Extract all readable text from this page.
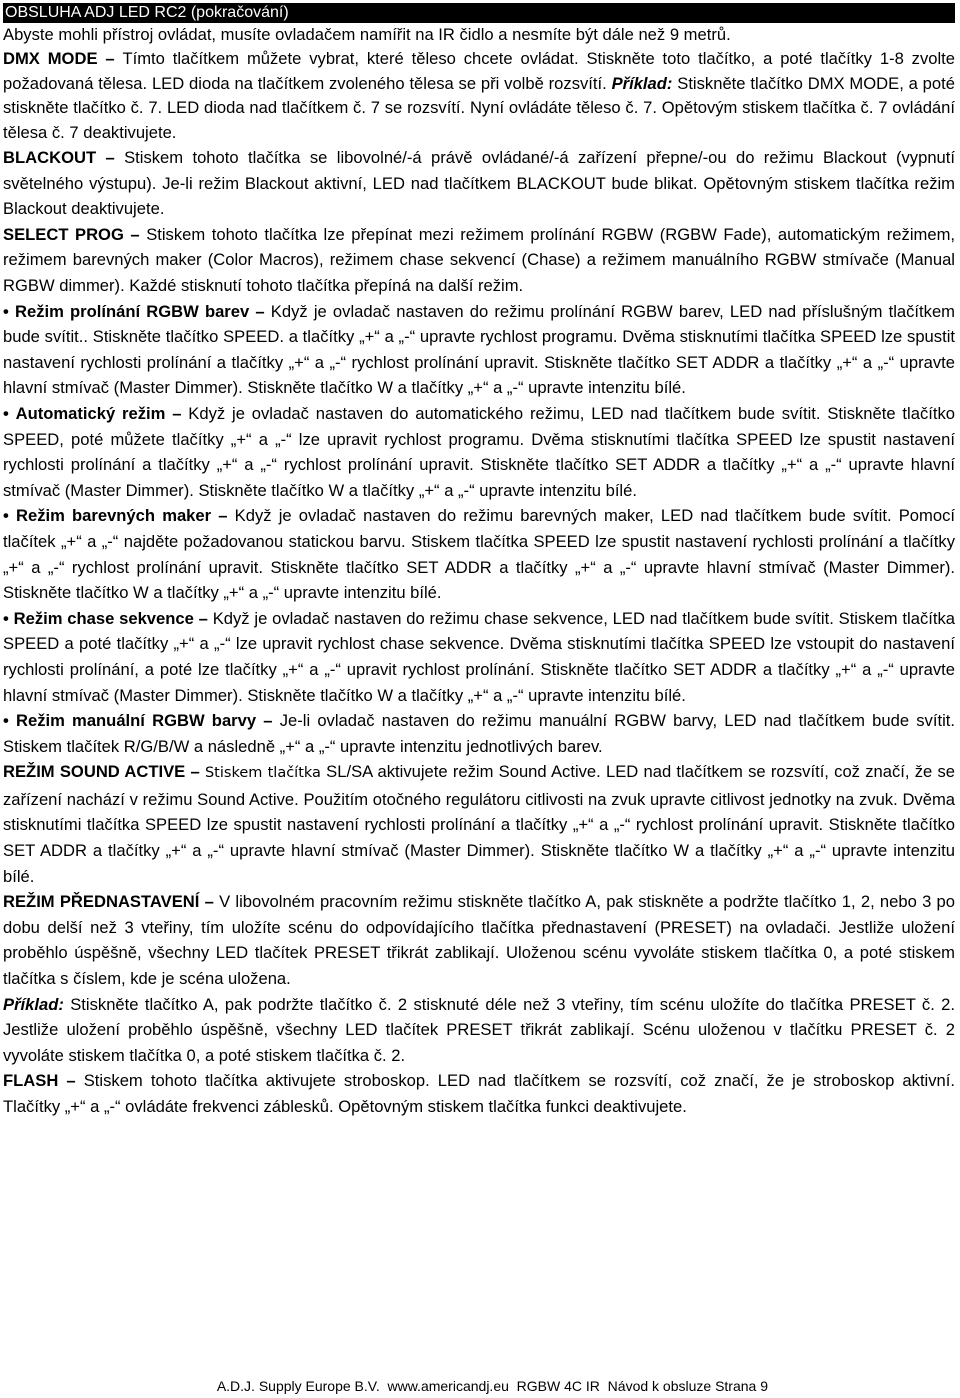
OBSLUHA ADJ LED RC2 (pokračování)

Abyste mohli přístroj ovládat, musíte ovladačem namířit na IR čidlo a nesmíte být dále než 9 metrů.

DMX MODE – Tímto tlačítkem můžete vybrat, které těleso chcete ovládat. Stiskněte toto tlačítko, a poté tlačítky 1-8 zvolte požadovaná tělesa. LED dioda na tlačítkem zvoleného tělesa se při volbě rozsvítí. Příklad: Stiskněte tlačítko DMX MODE, a poté stiskněte tlačítko č. 7. LED dioda nad tlačítkem č. 7 se rozsvítí. Nyní ovládáte těleso č. 7. Opětovým stiskem tlačítka č. 7 ovládání tělesa č. 7 deaktivujete.

BLACKOUT – Stiskem tohoto tlačítka se libovolné/-á právě ovládané/-á zařízení přepne/-ou do režimu Blackout (vypnutí světelného výstupu). Je-li režim Blackout aktivní, LED nad tlačítkem BLACKOUT bude blikat. Opětovným stiskem tlačítka režim Blackout deaktivujete.

SELECT PROG – Stiskem tohoto tlačítka lze přepínat mezi režimem prolínání RGBW (RGBW Fade), automatickým režimem, režimem barevných maker (Color Macros), režimem chase sekvencí (Chase) a režimem manuálního RGBW stmívače (Manual RGBW dimmer). Každé stisknutí tohoto tlačítka přepíná na další režim.

• Režim prolínání RGBW barev – Když je ovladač nastaven do režimu prolínání RGBW barev, LED nad příslušným tlačítkem bude svítit.. Stiskněte tlačítko SPEED. a tlačítky „+“ a „-“ upravte rychlost programu. Dvěma stisknutími tlačítka SPEED lze spustit nastavení rychlosti prolínání a tlačítky „+“ a „-“ rychlost prolínání upravit. Stiskněte tlačítko SET ADDR a tlačítky „+“ a „-“ upravte hlavní stmívač (Master Dimmer). Stiskněte tlačítko W a tlačítky „+“ a „-“ upravte intenzitu bílé.

• Automatický režim – Když je ovladač nastaven do automatického režimu, LED nad tlačítkem bude svítit. Stiskněte tlačítko SPEED, poté můžete tlačítky „+“ a „-“ lze upravit rychlost programu. Dvěma stisknutími tlačítka SPEED lze spustit nastavení rychlosti prolínání a tlačítky „+“ a „-“ rychlost prolínání upravit. Stiskněte tlačítko SET ADDR a tlačítky „+“ a „-“ upravte hlavní stmívač (Master Dimmer). Stiskněte tlačítko W a tlačítky „+“ a „-“ upravte intenzitu bílé.

• Režim barevných maker – Když je ovladač nastaven do režimu barevných maker, LED nad tlačítkem bude svítit. Pomocí tlačítek „+“ a „-“ najděte požadovanou statickou barvu. Stiskem tlačítka SPEED lze spustit nastavení rychlosti prolínání a tlačítky „+“ a „-“ rychlost prolínání upravit. Stiskněte tlačítko SET ADDR a tlačítky „+“ a „-“ upravte hlavní stmívač (Master Dimmer). Stiskněte tlačítko W a tlačítky „+“ a „-“ upravte intenzitu bílé.

• Režim chase sekvence – Když je ovladač nastaven do režimu chase sekvence, LED nad tlačítkem bude svítit. Stiskem tlačítka SPEED a poté tlačítky „+“ a „-“ lze upravit rychlost chase sekvence. Dvěma stisknutími tlačítka SPEED lze vstoupit do nastavení rychlosti prolínání, a poté lze tlačítky „+“ a „-“ upravit rychlost prolínání. Stiskněte tlačítko SET ADDR a tlačítky „+“ a „-“ upravte hlavní stmívač (Master Dimmer). Stiskněte tlačítko W a tlačítky „+“ a „-“ upravte intenzitu bílé.

• Režim manuální RGBW barvy – Je-li ovladač nastaven do režimu manuální RGBW barvy, LED nad tlačítkem bude svítit. Stiskem tlačítek R/G/B/W a následně „+“ a „-“ upravte intenzitu jednotlivých barev.

REŽIM SOUND ACTIVE – Stiskem tlačítka SL/SA aktivujete režim Sound Active. LED nad tlačítkem se rozsvítí, což značí, že se zařízení nachází v režimu Sound Active. Použitím otočného regulátoru citlivosti na zvuk upravte citlivost jednotky na zvuk. Dvěma stisknutími tlačítka SPEED lze spustit nastavení rychlosti prolínání a tlačítky „+“ a „-“ rychlost prolínání upravit. Stiskněte tlačítko SET ADDR a tlačítky „+“ a „-“ upravte hlavní stmívač (Master Dimmer). Stiskněte tlačítko W a tlačítky „+“ a „-“ upravte intenzitu bílé.

REŽIM PŘEDNASTAVENÍ – V libovolném pracovním režimu stiskněte tlačítko A, pak stiskněte a podržte tlačítko 1, 2, nebo 3 po dobu delší než 3 vteřiny, tím uložíte scénu do odpovídajícího tlačítka přednastavení (PRESET) na ovladači. Jestliže uložení proběhlo úspěšně, všechny LED tlačítek PRESET třikrát zablikají. Uloženou scénu vyvoláte stiskem tlačítka 0, a poté stiskem tlačítka s číslem, kde je scéna uložena.

Příklad: Stiskněte tlačítko A, pak podržte tlačítko č. 2 stisknuté déle než 3 vteřiny, tím scénu uložíte do tlačítka PRESET č. 2. Jestliže uložení proběhlo úspěšně, všechny LED tlačítek PRESET třikrát zablikají. Scénu uloženou v tlačítku PRESET č. 2 vyvoláte stiskem tlačítka 0, a poté stiskem tlačítka č. 2.

FLASH – Stiskem tohoto tlačítka aktivujete stroboskop. LED nad tlačítkem se rozsvítí, což značí, že je stroboskop aktivní. Tlačítky „+“ a „-“ ovládáte frekvenci záblesků. Opětovným stiskem tlačítka funkci deaktivujete.

A.D.J. Supply Europe B.V.  www.americandj.eu  RGBW 4C IR  Návod k obsluze Strana 9
